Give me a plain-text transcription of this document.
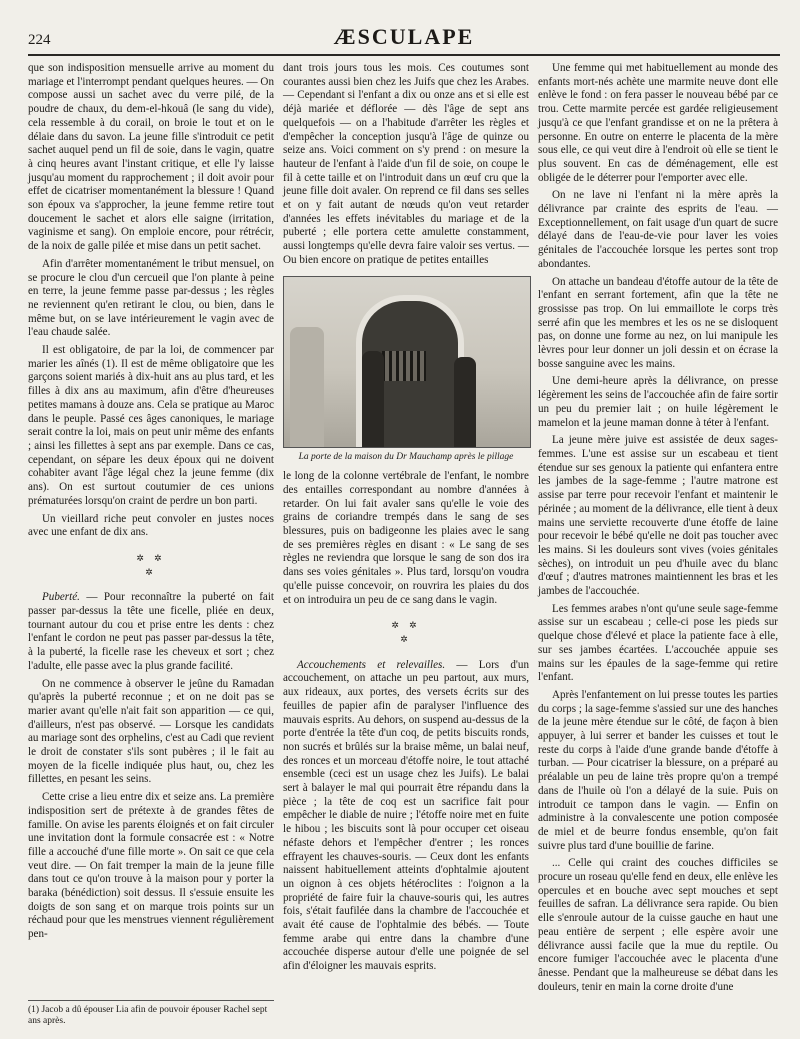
224	ÆSCULAPE

que son indisposition mensuelle arrive au moment du mariage et l'interrompt pendant quelques heures. — On compose aussi un sachet avec du verre pilé, de la poudre de chaux, du dem-el-hkouâ (le sang du vide), cela ressemble à du corail, on broie le tout et on le délaie dans du savon. La jeune fille s'introduit ce petit sachet auquel pend un fil de soie, dans le vagin, quatre à cinq heures avant l'instant critique, et elle l'y laisse jusqu'au moment du rapprochement ; il doit avoir pour effet de cicatriser momentanément la blessure ! Quand son époux va s'approcher, la jeune femme retire tout doucement le sachet et alors elle saigne (irritation, vaginisme et sang). On emploie encore, pour rétrécir, de la noix de galle pilée et mise dans un petit sachet.

Afin d'arrêter momentanément le tribut mensuel, on se procure le clou d'un cercueil que l'on plante à peine en terre, la jeune femme passe par-dessus ; les règles ne reviennent qu'en retirant le clou, ou bien, dans le même but, on se lave intérieurement le vagin avec de l'eau chaude salée.

Il est obligatoire, de par la loi, de commencer par marier les aînés (1). Il est de même obligatoire que les garçons soient mariés à dix-huit ans au plus tard, et les filles à dix ans au maximum, afin d'être d'heureuses petites mamans à douze ans. Cela se pratique au Maroc dans le peuple. Passé ces âges canoniques, le mariage serait contre la loi, mais on peut unir même des enfants ; ainsi les fillettes à sept ans par exemple. Dans ce cas, cependant, on sépare les deux époux qui ne doivent cohabiter avant l'âge légal chez la jeune femme (dix ans). On est surtout coutumier de ces unions prématurées lorsqu'on craint de perdre un bon parti.

Un vieillard riche peut convoler en justes noces avec une enfant de dix ans.

✲ ✲
✲

Puberté. — Pour reconnaître la puberté on fait passer par-dessus la tête une ficelle, pliée en deux, tournant autour du cou et prise entre les dents : chez l'enfant le cordon ne peut pas passer par-dessus la tête, à la puberté, la ficelle rase les cheveux et sort ; chez l'adulte, elle passe avec la plus grande facilité.

On ne commence à observer le jeûne du Ramadan qu'après la puberté reconnue ; et on ne doit pas se marier avant qu'elle n'ait fait son apparition — ce qui, d'ailleurs, n'est pas observé. — Lorsque les candidats au mariage sont des orphelins, c'est au Cadi que revient le droit de constater s'ils sont pubères ; il le fait au moyen de la ficelle indiquée plus haut, ou, chez les fillettes, en pesant les seins.

Cette crise a lieu entre dix et seize ans. La première indisposition sert de prétexte à de grandes fêtes de famille. On avise les parents éloignés et on fait circuler une invitation dont la formule consacrée est : « Notre fille a accouché d'une fille morte ». On sait ce que cela veut dire. — On fait tremper la main de la jeune fille dans tout ce qu'on trouve à la maison pour y porter la baraka (bénédiction) soit dessus. Il s'essuie ensuite les doigts de son sang et on marque trois points sur un réchaud pour que les menstrues viennent régulièrement pen-

(1) Jacob a dû épouser Lia afin de pouvoir épouser Rachel sept ans après.

dant trois jours tous les mois. Ces coutumes sont courantes aussi bien chez les Juifs que chez les Arabes. — Cependant si l'enfant a dix ou onze ans et si elle est déjà mariée et déflorée — dès l'âge de sept ans quelquefois — on a l'habitude d'arrêter les règles et d'empêcher la conception jusqu'à l'âge de quinze ou seize ans. Voici comment on s'y prend : on mesure la hauteur de l'enfant à l'aide d'un fil de soie, on coupe le fil à cette taille et on l'introduit dans un œuf cru que la jeune fille doit avaler. On reprend ce fil dans ses selles et on y fait autant de nœuds qu'on veut retarder d'années les effets inévitables du mariage et de la puberté ; elle portera cette amulette constamment, aussi longtemps qu'elle devra faire valoir ses vertus. — Ou bien encore on pratique de petites entailles

La porte de la maison du Dr Mauchamp après le pillage

le long de la colonne vertébrale de l'enfant, le nombre des entailles correspondant au nombre d'années à retarder. On lui fait avaler sans qu'elle le voie des grains de coriandre trempés dans le sang de ses blessures, puis on badigeonne les plaies avec le sang de ses premières règles en disant : « Le sang de ses règles ne reviendra que lorsque le sang de son dos ira dans ses voies génitales ». Plus tard, lorsqu'on voudra qu'elle puisse concevoir, on rouvrira les plaies du dos et on introduira un peu de ce sang dans le vagin.

✲ ✲
✲

Accouchements et relevailles. — Lors d'un accouchement, on attache un peu partout, aux murs, aux rideaux, aux portes, des versets écrits sur des feuilles de papier afin de paralyser l'influence des mauvais esprits. Au dehors, on suspend au-dessus de la porte d'entrée la tête d'un coq, de petits biscuits ronds, non sucrés et brûlés sur la braise même, un balai neuf, des ronces et un morceau d'étoffe noire, le tout attaché ensemble (ceci est un usage chez les Juifs). Le balai sert à balayer le mal qui pourrait être répandu dans la pièce ; la tête de coq est un sacrifice fait pour empêcher le diable de nuire ; l'étoffe noire met en fuite le hibou ; les biscuits sont là pour occuper cet oiseau néfaste dehors et l'empêcher d'entrer ; les ronces effrayent les chauves-souris. — Ceux dont les enfants naissent habituellement atteints d'ophtalmie ajoutent un oignon à ces objets hétéroclites : l'oignon a la propriété de faire fuir la chauve-souris qui, les autres fois, s'était faufilée dans la chambre de l'accouchée et avait été cause de l'ophtalmie des bébés. — Toute femme arabe qui entre dans la chambre d'une accouchée disperse autour d'elle une poignée de sel afin d'éloigner les mauvais esprits.

Une femme qui met habituellement au monde des enfants mort-nés achète une marmite neuve dont elle enlève le fond : on fera passer le nouveau bébé par ce trou. Cette marmite percée est gardée religieusement jusqu'à ce que l'enfant grandisse et on ne la prêtera à personne. En outre on enterre le placenta de la mère sous elle, ce qui veut dire à l'endroit où elle se tient le plus souvent. En cas de déménagement, elle est obligée de le déterrer pour l'emporter avec elle.

On ne lave ni l'enfant ni la mère après la délivrance par crainte des esprits de l'eau. — Exceptionnellement, on fait usage d'un quart de sucre délayé dans de l'eau-de-vie pour laver les voies génitales de l'accouchée lorsque les pertes sont trop abondantes.

On attache un bandeau d'étoffe autour de la tête de l'enfant en serrant fortement, afin que la tête ne grossisse pas trop. On lui emmaillote le corps très serré afin que les membres et les os ne se disloquent pas, on donne une forme au nez, on lui manipule les lèvres pour leur donner un joli dessin et on écrase la bosse sanguine avec les mains.

Une demi-heure après la délivrance, on presse légèrement les seins de l'accouchée afin de faire sortir un peu du premier lait ; on huile légèrement le mamelon et la jeune maman donne à téter à l'enfant.

La jeune mère juive est assistée de deux sages-femmes. L'une est assise sur un escabeau et tient étendue sur ses genoux la patiente qui enfantera entre les jambes de la sage-femme ; l'autre matrone est assise par terre pour recevoir l'enfant et maintenir le périnée ; au moment de la délivrance, elle tient à deux mains une serviette recouverte d'une étoffe de laine pour recevoir le bébé qu'elle ne doit pas toucher avec les mains. Si les douleurs sont vives (voies génitales sèches), on introduit un peu d'huile avec du blanc d'œuf ; d'autres matrones maintiennent les bras et les jambes de l'accouchée.

Les femmes arabes n'ont qu'une seule sage-femme assise sur un escabeau ; celle-ci pose les pieds sur quelque chose d'élevé et place la patiente face à elle, sur ses jambes écartées. L'accouchée appuie ses mains sur les épaules de la sage-femme qui retire l'enfant.

Après l'enfantement on lui presse toutes les parties du corps ; la sage-femme s'assied sur une des hanches de la jeune mère étendue sur le côté, de façon à bien appuyer, à lui serrer et bander les cuisses et tout le reste du corps à l'aide d'une grande bande d'étoffe à turban. — Pour cicatriser la blessure, on a préparé au préalable un peu de laine très propre qu'on a trempé dans de l'huile où l'on a délayé de la suie. Puis on introduit ce tampon dans le vagin. — Enfin on administre à la convalescente une potion composée de miel et de beurre fondus ensemble, qu'on fait suivre plus tard d'une bouillie de farine.

... Celle qui craint des couches difficiles se procure un roseau qu'elle fend en deux, elle enlève les opercules et en bouche avec sept mouches et sept feuilles de safran. La délivrance sera rapide. Ou bien elle s'enroule autour de la cuisse gauche en haut une peau entière de serpent ; elle espère avoir une délivrance aussi facile que la mue du reptile. Ou encore fumiger l'accouchée avec le placenta d'une ânesse. Pendant que la malheureuse se débat dans les douleurs, tenir en main la corne droite d'une
